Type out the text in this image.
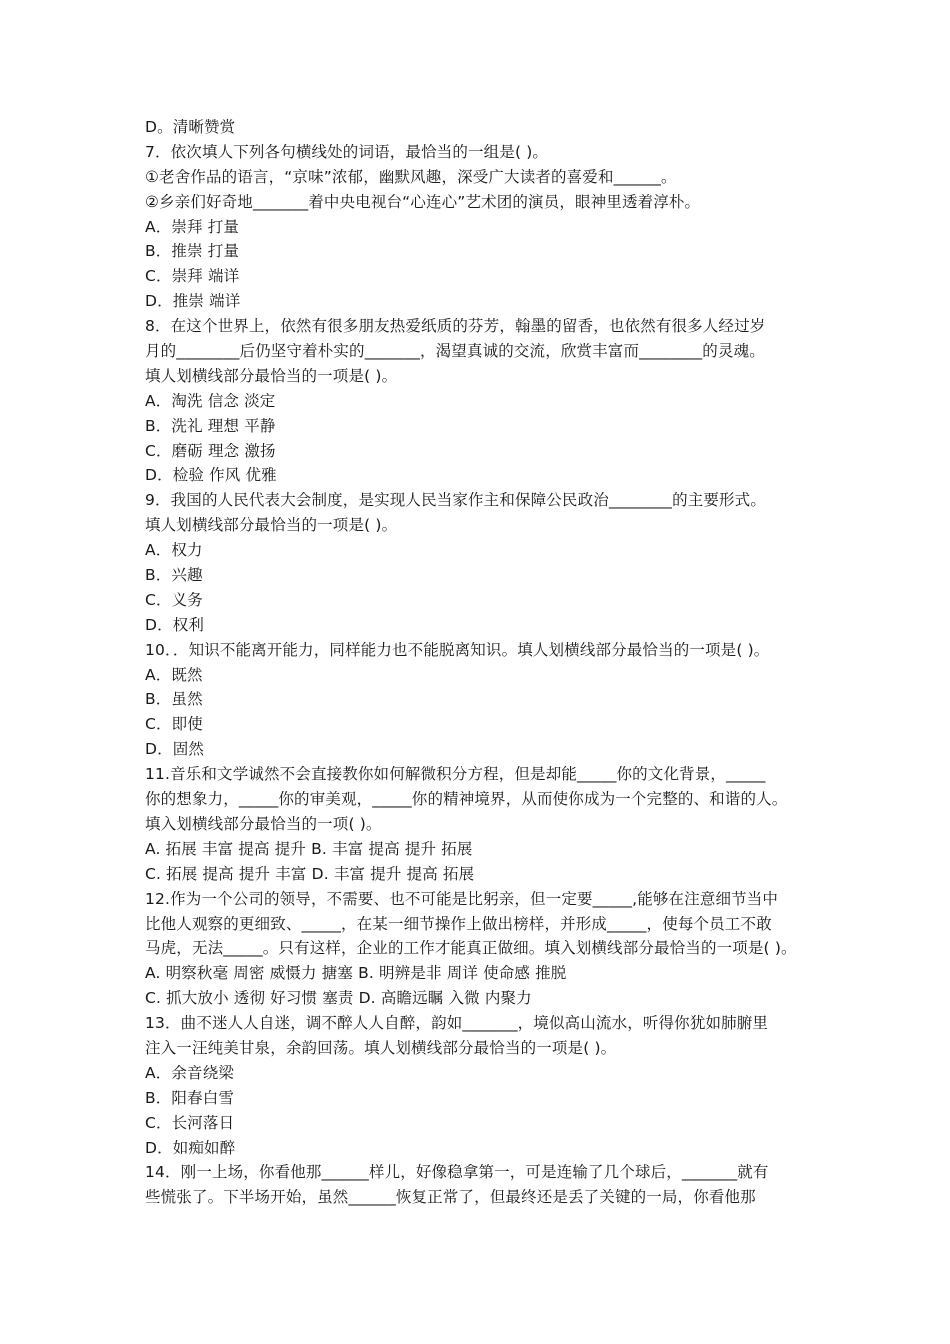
D。清晰赞赏
7．依次填人下列各句横线处的词语，最恰当的一组是( )。
①老舍作品的语言，“京味”浓郁，幽默风趣，深受广大读者的喜爱和______。
②乡亲们好奇地_______着中央电视台“心连心”艺术团的演员，眼神里透着淳朴。
A．崇拜 打量
B．推崇 打量
C．崇拜 端详
D．推崇 端详
8．在这个世界上，依然有很多朋友热爱纸质的芬芳，翰墨的留香，也依然有很多人经过岁
月的________后仍坚守着朴实的_______，渴望真诚的交流，欣赏丰富而________的灵魂。
填人划横线部分最恰当的一项是( )。
A．淘洗 信念 淡定
B．洗礼 理想 平静
C．磨砺 理念 激扬
D．检验 作风 优雅
9．我国的人民代表大会制度，是实现人民当家作主和保障公民政治________的主要形式。
填人划横线部分最恰当的一项是( )。
A．权力
B．兴趣
C．义务
D．权利
10．．知识不能离开能力，同样能力也不能脱离知识。填人划横线部分最恰当的一项是( )。
A．既然
B．虽然
C．即使
D．固然
11.音乐和文学诚然不会直接教你如何解微积分方程，但是却能_____你的文化背景，_____
你的想象力，_____你的审美观，_____你的精神境界，从而使你成为一个完整的、和谐的人。
填入划横线部分最恰当的一项( )。
A. 拓展 丰富 提高 提升 B. 丰富 提高 提升 拓展
C. 拓展 提高 提升 丰富 D. 丰富 提升 提高 拓展
12.作为一个公司的领导，不需要、也不可能是比躬亲，但一定要_____,能够在注意细节当中
比他人观察的更细致、_____，在某一细节操作上做出榜样，并形成_____，使每个员工不敢
马虎，无法_____。只有这样，企业的工作才能真正做细。填入划横线部分最恰当的一项是( )。
A. 明察秋毫 周密 威慑力 搪塞 B. 明辨是非 周详 使命感 推脱
C. 抓大放小 透彻 好习惯 塞责 D. 高瞻远瞩 入微 内聚力
13．曲不迷人人自迷，调不醉人人自醉，韵如_______，境似高山流水，听得你犹如肺腑里
注入一汪纯美甘泉，余韵回荡。填人划横线部分最恰当的一项是( )。
A．余音绕梁
B．阳春白雪
C．长河落日
D．如痴如醉
14．刚一上场，你看他那______样儿，好像稳拿第一，可是连输了几个球后，_______就有
些慌张了。下半场开始，虽然______恢复正常了，但最终还是丢了关键的一局，你看他那
